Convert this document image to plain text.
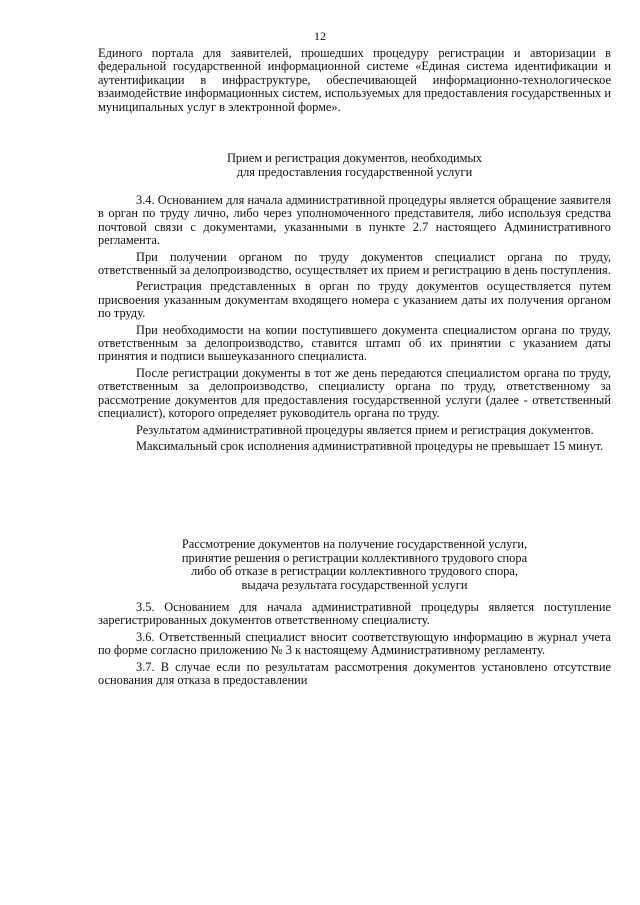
12

Единого портала для заявителей, прошедших процедуру регистрации и авторизации в федеральной государственной информационной системе «Единая система идентификации и аутентификации в инфраструктуре, обеспечивающей информационно-технологическое взаимодействие информационных систем, используемых для предоставления государственных и муниципальных услуг в электронной форме».

Прием и регистрация документов, необходимых
для предоставления государственной услуги

3.4. Основанием для начала административной процедуры является обращение заявителя в орган по труду лично, либо через уполномоченного представителя, либо используя средства почтовой связи с документами, указанными в пункте 2.7 настоящего Административного регламента.

При получении органом по труду документов специалист органа по труду, ответственный за делопроизводство, осуществляет их прием и регистрацию в день поступления.

Регистрация представленных в орган по труду документов осуществляется путем присвоения указанным документам входящего номера с указанием даты их получения органом по труду.

При необходимости на копии поступившего документа специалистом органа по труду, ответственным за делопроизводство, ставится штамп об их принятии с указанием даты принятия и подписи вышеуказанного специалиста.

После регистрации документы в тот же день передаются специалистом органа по труду, ответственным за делопроизводство, специалисту органа по труду, ответственному за рассмотрение документов для предоставления государственной услуги (далее - ответственный специалист), которого определяет руководитель органа по труду.

Результатом административной процедуры является прием и регистрация документов.

Максимальный срок исполнения административной процедуры не превышает 15 минут.

Рассмотрение документов на получение государственной услуги,
принятие решения о регистрации коллективного трудового спора
либо об отказе в регистрации коллективного трудового спора,
выдача результата государственной услуги

3.5. Основанием для начала административной процедуры является поступление зарегистрированных документов ответственному специалисту.

3.6. Ответственный специалист вносит соответствующую информацию в журнал учета по форме согласно приложению № 3 к настоящему Административному регламенту.

3.7. В случае если по результатам рассмотрения документов установлено отсутствие основания для отказа в предоставлении
